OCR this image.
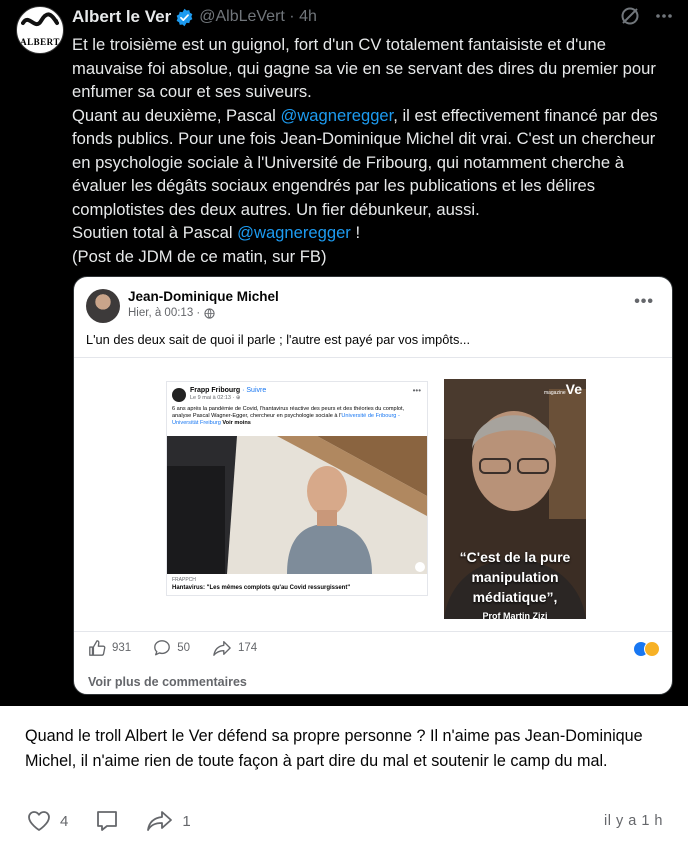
ALBERT
Albert le Ver @AlbLeVert · 4h

Et le troisième est un guignol, fort d'un CV totalement fantaisiste et d'une mauvaise foi absolue, qui gagne sa vie en se servant des dires du premier pour enfumer sa cour et ses suiveurs.

Quant au deuxième, Pascal @wagneregger, il est effectivement financé par des fonds publics. Pour une fois Jean-Dominique Michel dit vrai. C'est un chercheur en psychologie sociale à l'Université de Fribourg, qui notamment cherche à évaluer les dégâts sociaux engendrés par les publications et les délires complotistes des deux autres. Un fier débunkeur, aussi.

Soutien total à Pascal @wagneregger !

(Post de JDM de ce matin, sur FB)

Jean-Dominique Michel
Hier, à 00:13 ·
•••
L'un des deux sait de quoi il parle ; l'autre est payé par vos impôts...
Frapp Fribourg · Suivre
Le 9 mai à 02:13 · ⊕
•••
6 ans après la pandémie de Covid, l'hantavirus réactive des peurs et des théories du complot, analyse Pascal Wagner-Egger, chercheur en psychologie sociale à l'Université de Fribourg - Universität Freiburg Voir moins
FRAPPCH
Hantavirus: "Les mêmes complots qu'au Covid ressurgissent"
magazineVe
“C'est de la pure manipulation médiatique”,
Prof Martin Zizi
931	50	174
Voir plus de commentaires
Quand le troll Albert le Ver défend sa propre personne ? Il n'aime pas Jean-Dominique Michel, il n'aime rien de toute façon à part dire du mal et soutenir le camp du mal.
4	1	il y a 1 h
